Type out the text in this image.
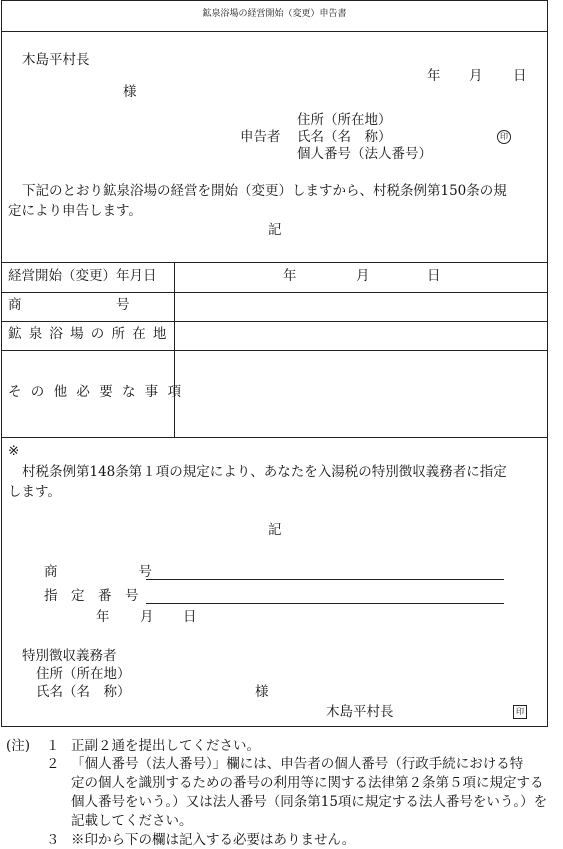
鉱泉浴場の経営開始（変更）申告書
木島平村長
様
年 月 日
住所（所在地）
申告者 氏名（名　称）	印
個人番号（法人番号）
下記のとおり鉱泉浴場の経営を開始（変更）しますから、村税条例第150条の規
定により申告します。
記
経営開始（変更）年月日	年	月	日
商　　　　　　　号
鉱泉浴場の所在地
その他必要な事項
※
村税条例第148条第１項の規定により、あなたを入湯税の特別徴収義務者に指定
します。
記
商　　　　　　号
指　定　番　号
年 月 日
特別徴収義務者
住所（所在地）
氏名（名　称）	様
木島平村長	印
(注) １ 正副２通を提出してください。
２ 「個人番号（法人番号）」欄には、申告者の個人番号（行政手続における特
定の個人を識別するための番号の利用等に関する法律第２条第５項に規定する
個人番号をいう。）又は法人番号（同条第15項に規定する法人番号をいう。）を
記載してください。
３ ※印から下の欄は記入する必要はありません。
